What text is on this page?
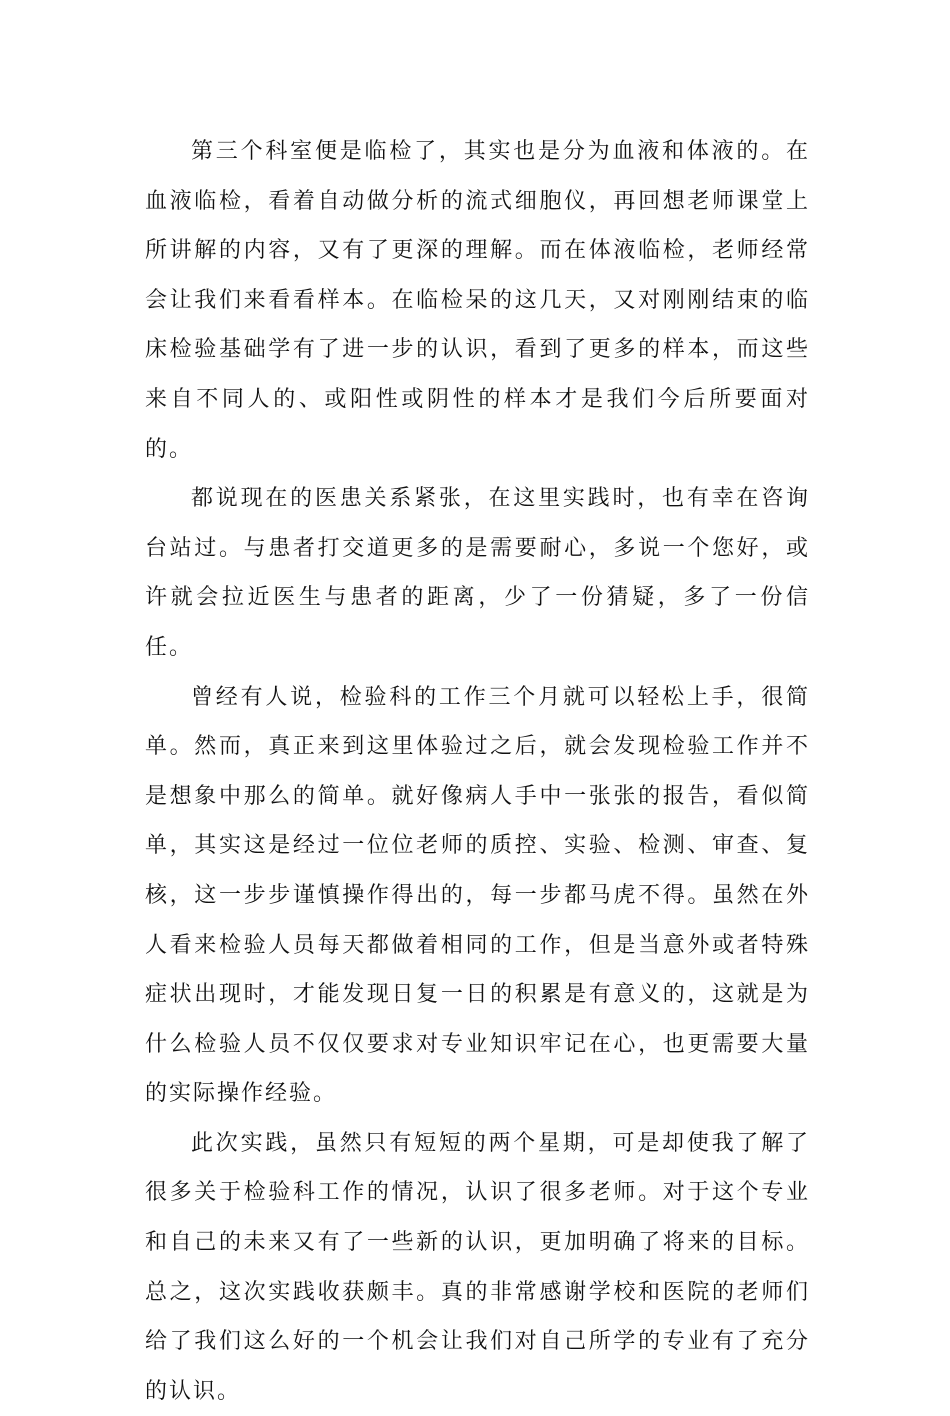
第三个科室便是临检了，其实也是分为血液和体液的。在血液临检，看着自动做分析的流式细胞仪，再回想老师课堂上所讲解的内容，又有了更深的理解。而在体液临检，老师经常会让我们来看看样本。在临检呆的这几天，又对刚刚结束的临床检验基础学有了进一步的认识，看到了更多的样本，而这些来自不同人的、或阳性或阴性的样本才是我们今后所要面对的。

都说现在的医患关系紧张，在这里实践时，也有幸在咨询台站过。与患者打交道更多的是需要耐心，多说一个您好，或许就会拉近医生与患者的距离，少了一份猜疑，多了一份信任。

曾经有人说，检验科的工作三个月就可以轻松上手，很简单。然而，真正来到这里体验过之后，就会发现检验工作并不是想象中那么的简单。就好像病人手中一张张的报告，看似简单，其实这是经过一位位老师的质控、实验、检测、审查、复核，这一步步谨慎操作得出的，每一步都马虎不得。虽然在外人看来检验人员每天都做着相同的工作，但是当意外或者特殊症状出现时，才能发现日复一日的积累是有意义的，这就是为什么检验人员不仅仅要求对专业知识牢记在心，也更需要大量的实际操作经验。

此次实践，虽然只有短短的两个星期，可是却使我了解了很多关于检验科工作的情况，认识了很多老师。对于这个专业和自己的未来又有了一些新的认识，更加明确了将来的目标。总之，这次实践收获颇丰。真的非常感谢学校和医院的老师们给了我们这么好的一个机会让我们对自己所学的专业有了充分的认识。
